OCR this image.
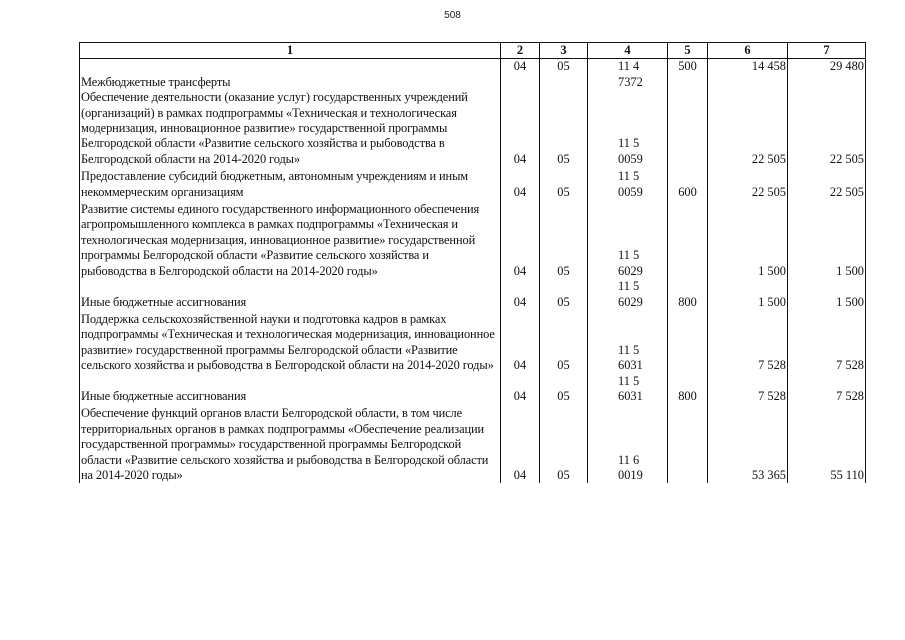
508
1	2	3	4	5	6	7
Межбюджетные трансферты	04	05	11 4 7372	500	14 458	29 480
Обеспечение деятельности (оказание услуг) государственных учреждений (организаций) в рамках подпрограммы «Техническая и технологическая модернизация, инновационное развитие» государственной программы Белгородской области «Развитие сельского хозяйства и рыбоводства в Белгородской области на 2014-2020 годы»	04	05	11 5 0059		22 505	22 505

Предоставление субсидий бюджетным, автономным учреждениям и иным некоммерческим организациям	04	05	11 5 0059	600	22 505	22 505

Развитие системы единого государственного информационного обеспечения агропромышленного комплекса в рамках подпрограммы «Техническая и технологическая модернизация, инновационное развитие» государственной программы Белгородской области «Развитие сельского хозяйства и рыбоводства в Белгородской области на 2014-2020 годы»	04	05	11 5 6029		1 500	1 500
Иные бюджетные ассигнования	04	05	11 5 6029	800	1 500	1 500

Поддержка сельскохозяйственной науки и подготовка кадров в рамках подпрограммы «Техническая и технологическая модернизация, инновационное развитие» государственной программы Белгородской области «Развитие сельского хозяйства и рыбоводства в Белгородской области на 2014-2020 годы»	04	05	11 5 6031		7 528	7 528
Иные бюджетные ассигнования	04	05	11 5 6031	800	7 528	7 528

Обеспечение функций органов власти Белгородской области, в том числе территориальных органов в рамках подпрограммы «Обеспечение реализации государственной программы» государственной программы Белгородской области «Развитие сельского хозяйства и рыбоводства в Белгородской области на 2014-2020 годы»	04	05	11 6 0019		53 365	55 110
